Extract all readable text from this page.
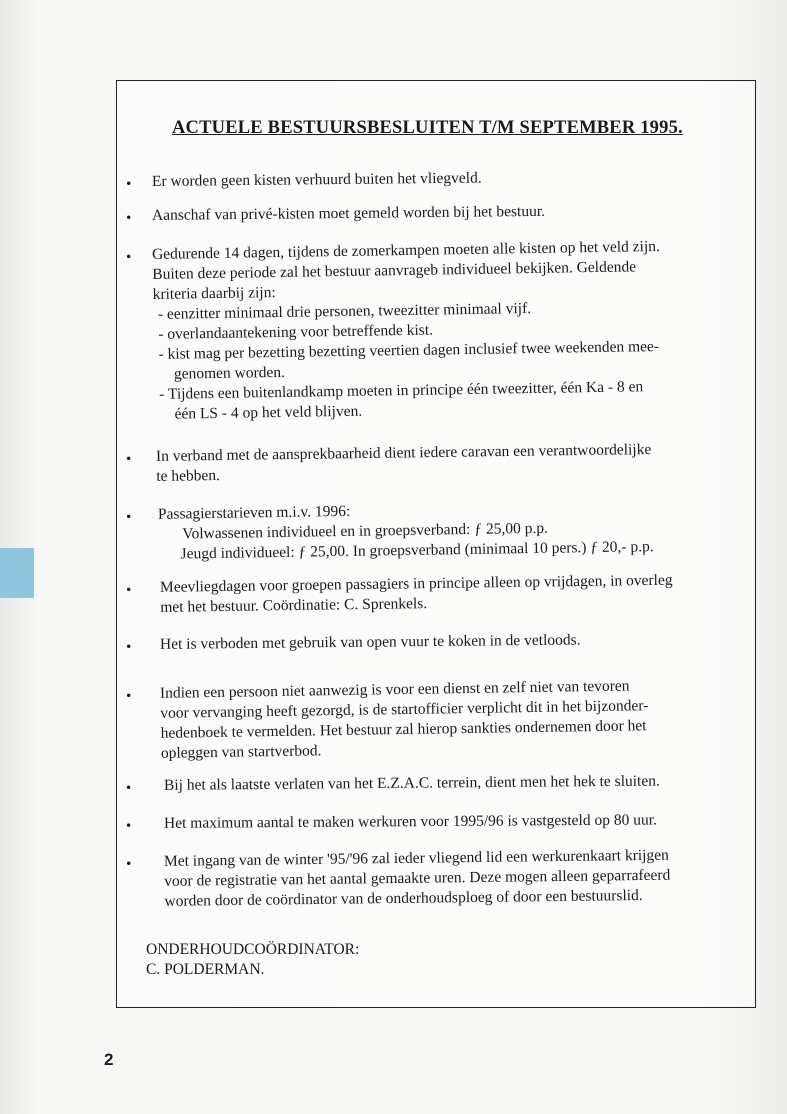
ACTUELE BESTUURSBESLUITEN T/M SEPTEMBER 1995.
• Er worden geen kisten verhuurd buiten het vliegveld.
• Aanschaf van privé-kisten moet gemeld worden bij het bestuur.
• Gedurende 14 dagen, tijdens de zomerkampen moeten alle kisten op het veld zijn.
Buiten deze periode zal het bestuur aanvrageb individueel bekijken. Geldende
kriteria daarbij zijn:
- eenzitter minimaal drie personen, tweezitter minimaal vijf.
- overlandaantekening voor betreffende kist.
- kist mag per bezetting bezetting veertien dagen inclusief twee weekenden mee-
genomen worden.
- Tijdens een buitenlandkamp moeten in principe één tweezitter, één Ka - 8 en
één LS - 4 op het veld blijven.
• In verband met de aansprekbaarheid dient iedere caravan een verantwoordelijke
te hebben.
• Passagierstarieven m.i.v. 1996:
Volwassenen individueel en in groepsverband: ƒ 25,00 p.p.
Jeugd individueel: ƒ 25,00. In groepsverband (minimaal 10 pers.) ƒ 20,- p.p.
• Meevliegdagen voor groepen passagiers in principe alleen op vrijdagen, in overleg
met het bestuur. Coördinatie: C. Sprenkels.
• Het is verboden met gebruik van open vuur te koken in de vetloods.
• Indien een persoon niet aanwezig is voor een dienst en zelf niet van tevoren
voor vervanging heeft gezorgd, is de startofficier verplicht dit in het bijzonder-
hedenboek te vermelden. Het bestuur zal hierop sankties ondernemen door het
opleggen van startverbod.
• Bij het als laatste verlaten van het E.Z.A.C. terrein, dient men het hek te sluiten.
• Het maximum aantal te maken werkuren voor 1995/96 is vastgesteld op 80 uur.
• Met ingang van de winter '95/'96 zal ieder vliegend lid een werkurenkaart krijgen
voor de registratie van het aantal gemaakte uren. Deze mogen alleen geparrafeerd
worden door de coördinator van de onderhoudsploeg of door een bestuurslid.
ONDERHOUDCOÖRDINATOR:
C. POLDERMAN.
2
